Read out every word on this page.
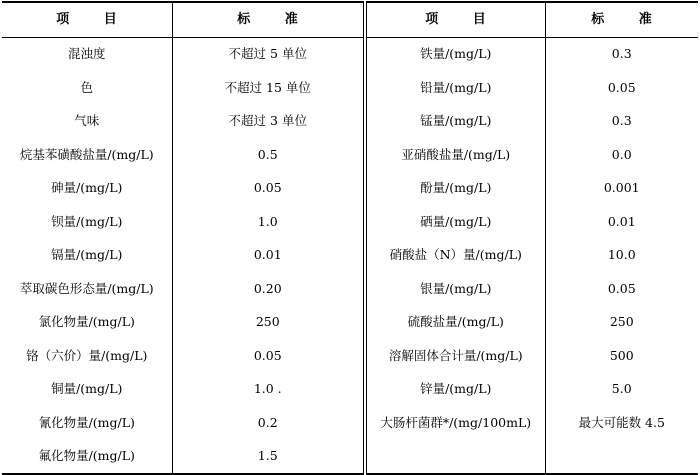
项 目	标 准	项 目	标 准
混浊度	不超过 5 单位	铁量/(mg/L)	0.3
色	不超过 15 单位	铅量/(mg/L)	0.05
气味	不超过 3 单位	锰量/(mg/L)	0.3
烷基苯磺酸盐量/(mg/L)	0.5	亚硝酸盐量/(mg/L)	0.0
砷量/(mg/L)	0.05	酚量/(mg/L)	0.001
钡量/(mg/L)	1.0	硒量/(mg/L)	0.01
镉量/(mg/L)	0.01	硝酸盐（N）量/(mg/L)	10.0
萃取碳色形态量/(mg/L)	0.20	银量/(mg/L)	0.05
氯化物量/(mg/L)	250	硫酸盐量/(mg/L)	250
铬（六价）量/(mg/L)	0.05	溶解固体合计量/(mg/L)	500
铜量/(mg/L)	1.0 .	锌量/(mg/L)	5.0
氰化物量/(mg/L)	0.2	大肠杆菌群*/(mg/100mL)	最大可能数 4.5
氟化物量/(mg/L)	1.5		
